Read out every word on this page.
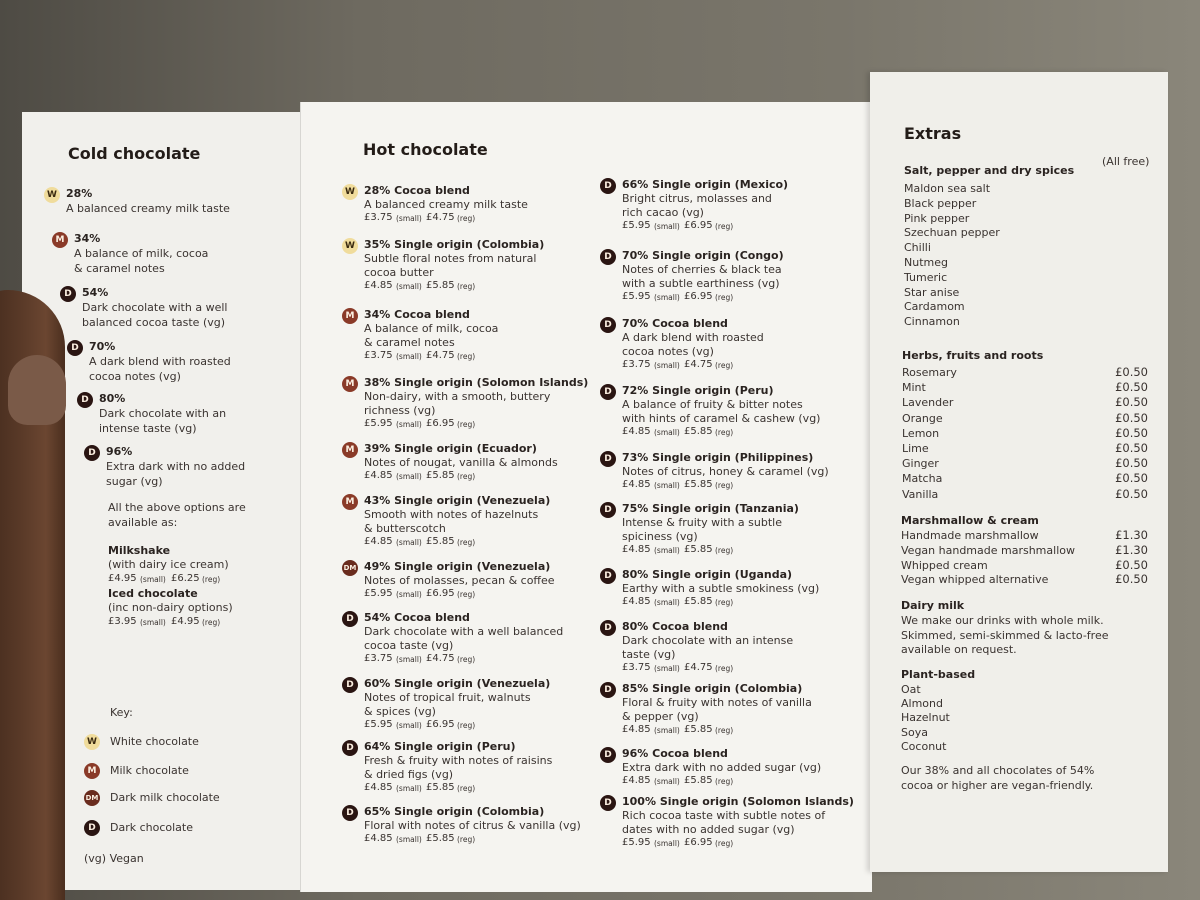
Cold chocolate
W 28%
A balanced creamy milk taste
M 34%
A balance of milk, cocoa
& caramel notes
D 54%
Dark chocolate with a well
balanced cocoa taste (vg)
D 70%
A dark blend with roasted
cocoa notes (vg)
D 80%
Dark chocolate with an
intense taste (vg)
D 96%
Extra dark with no added
sugar (vg)
All the above options are
available as:
Milkshake
(with dairy ice cream)
£4.95 (small) £6.25 (reg)
Iced chocolate
(inc non-dairy options)
£3.95 (small) £4.95 (reg)
Key:
W White chocolate
M	Milk chocolate
DM Dark milk chocolate
D	Dark chocolate
(vg) Vegan
Hot chocolate
W 28% Cocoa blend
A balanced creamy milk taste
£3.75 (small) £4.75 (reg)
W 35% Single origin (Colombia)
Subtle floral notes from natural
cocoa butter
£4.85 (small) £5.85 (reg)
M 34% Cocoa blend
A balance of milk, cocoa
& caramel notes
£3.75 (small) £4.75 (reg)
M 38% Single origin (Solomon Islands)
Non-dairy, with a smooth, buttery
richness (vg)
£5.95 (small) £6.95 (reg)
M 39% Single origin (Ecuador)
Notes of nougat, vanilla & almonds
£4.85 (small) £5.85 (reg)
M 43% Single origin (Venezuela)
Smooth with notes of hazelnuts
& butterscotch
£4.85 (small) £5.85 (reg)
DM 49% Single origin (Venezuela)
Notes of molasses, pecan & coffee
£5.95 (small) £6.95 (reg)
D 54% Cocoa blend
Dark chocolate with a well balanced
cocoa taste (vg)
£3.75 (small) £4.75 (reg)
D 60% Single origin (Venezuela)
Notes of tropical fruit, walnuts
& spices (vg)
£5.95 (small) £6.95 (reg)
D 64% Single origin (Peru)
Fresh & fruity with notes of raisins
& dried figs (vg)
£4.85 (small) £5.85 (reg)
D 65% Single origin (Colombia)
Floral with notes of citrus & vanilla (vg)
£4.85 (small) £5.85 (reg)
D 66% Single origin (Mexico)
Bright citrus, molasses and
rich cacao (vg)
£5.95 (small) £6.95 (reg)
D 70% Single origin (Congo)
Notes of cherries & black tea
with a subtle earthiness (vg)
£5.95 (small) £6.95 (reg)
D 70% Cocoa blend
A dark blend with roasted
cocoa notes (vg)
£3.75 (small) £4.75 (reg)
D 72% Single origin (Peru)
A balance of fruity & bitter notes
with hints of caramel & cashew (vg)
£4.85 (small) £5.85 (reg)
D 73% Single origin (Philippines)
Notes of citrus, honey & caramel (vg)
£4.85 (small) £5.85 (reg)
D 75% Single origin (Tanzania)
Intense & fruity with a subtle
spiciness (vg)
£4.85 (small) £5.85 (reg)
D 80% Single origin (Uganda)
Earthy with a subtle smokiness (vg)
£4.85 (small) £5.85 (reg)
D 80% Cocoa blend
Dark chocolate with an intense
taste (vg)
£3.75 (small) £4.75 (reg)
D 85% Single origin (Colombia)
Floral & fruity with notes of vanilla
& pepper (vg)
£4.85 (small) £5.85 (reg)
D 96% Cocoa blend
Extra dark with no added sugar (vg)
£4.85 (small) £5.85 (reg)
D 100% Single origin (Solomon Islands)
Rich cocoa taste with subtle notes of
dates with no added sugar (vg)
£5.95 (small) £6.95 (reg)
Extras
Salt, pepper and dry spices
(All free)
Maldon sea salt
Black pepper
Pink pepper
Szechuan pepper
Chilli
Nutmeg
Tumeric
Star anise
Cardamom
Cinnamon
Herbs, fruits and roots
Rosemary	£0.50
Mint	£0.50
Lavender	£0.50
Orange	£0.50
Lemon	£0.50
Lime	£0.50
Ginger	£0.50
Matcha	£0.50
Vanilla	£0.50
Marshmallow & cream
Handmade marshmallow	£1.30
Vegan handmade marshmallow	£1.30
Whipped cream	£0.50
Vegan whipped alternative	£0.50
Dairy milk
We make our drinks with whole milk.
Skimmed, semi-skimmed & lacto-free
available on request.
Plant-based
Oat
Almond
Hazelnut
Soya
Coconut
Our 38% and all chocolates of 54%
cocoa or higher are vegan-friendly.
